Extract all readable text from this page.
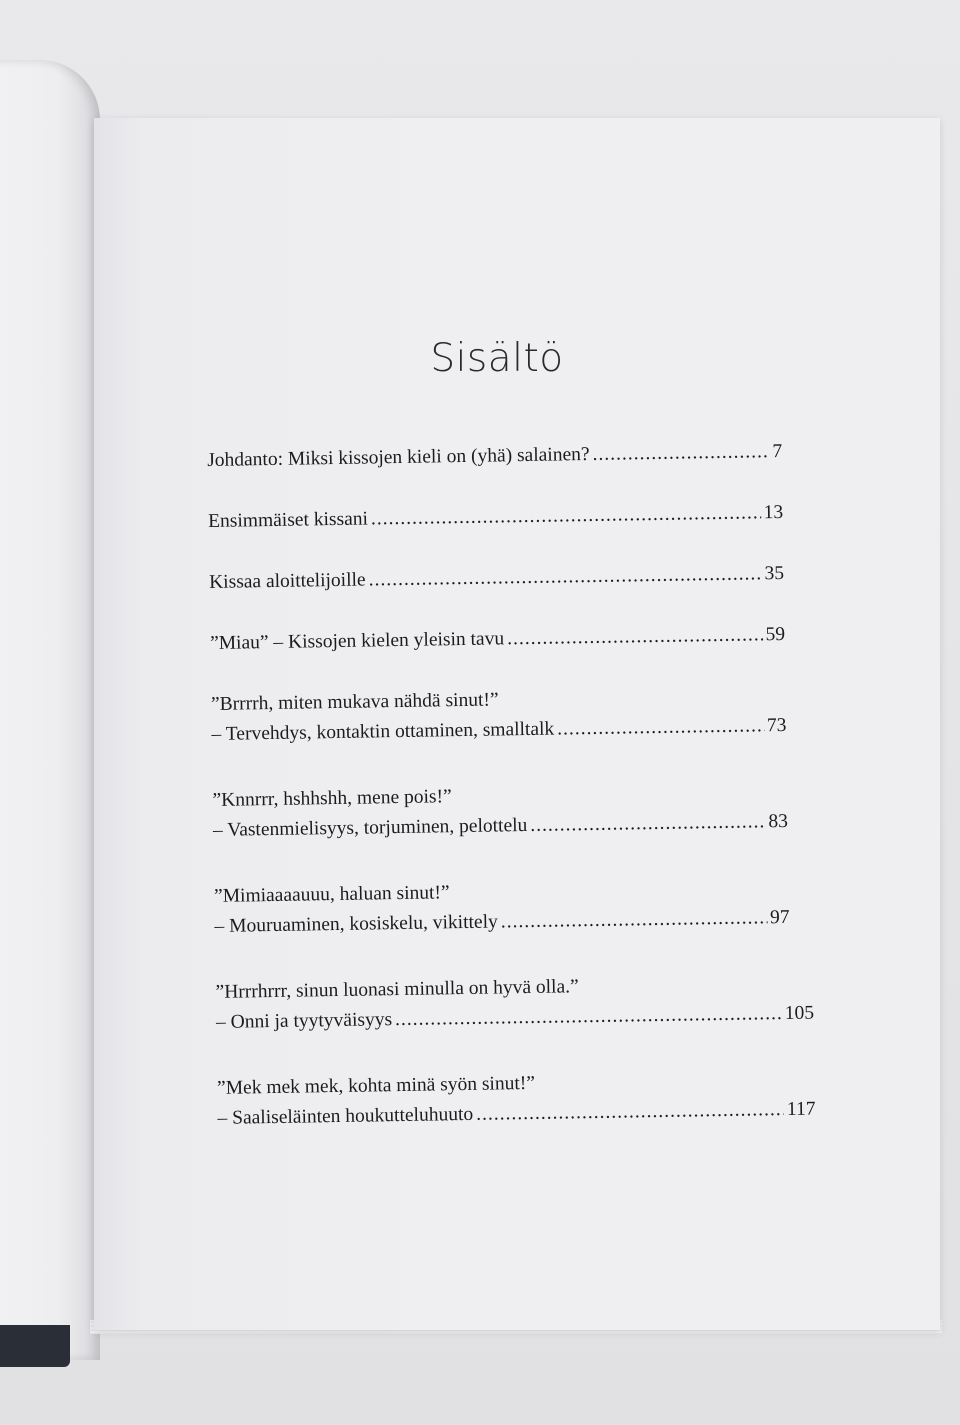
Sisältö
Johdanto: Miksi kissojen kieli on (yhä) salainen? .....	7
Ensimmäiset kissani .....	13
Kissaa aloittelijoille .....	35
”Miau” – Kissojen kielen yleisin tavu .....	59
”Brrrrh, miten mukava nähdä sinut!”
– Tervehdys, kontaktin ottaminen, smalltalk .....	73
”Knnrrr, hshhshh, mene pois!”
– Vastenmielisyys, torjuminen, pelottelu .....	83
”Mimiaaaauuu, haluan sinut!”
– Mouruaminen, kosiskelu, vikittely .....	97
”Hrrrhrrr, sinun luonasi minulla on hyvä olla.”
– Onni ja tyytyväisyys .....	105
”Mek mek mek, kohta minä syön sinut!”
– Saaliseläinten houkutteluhuuto .....	117
